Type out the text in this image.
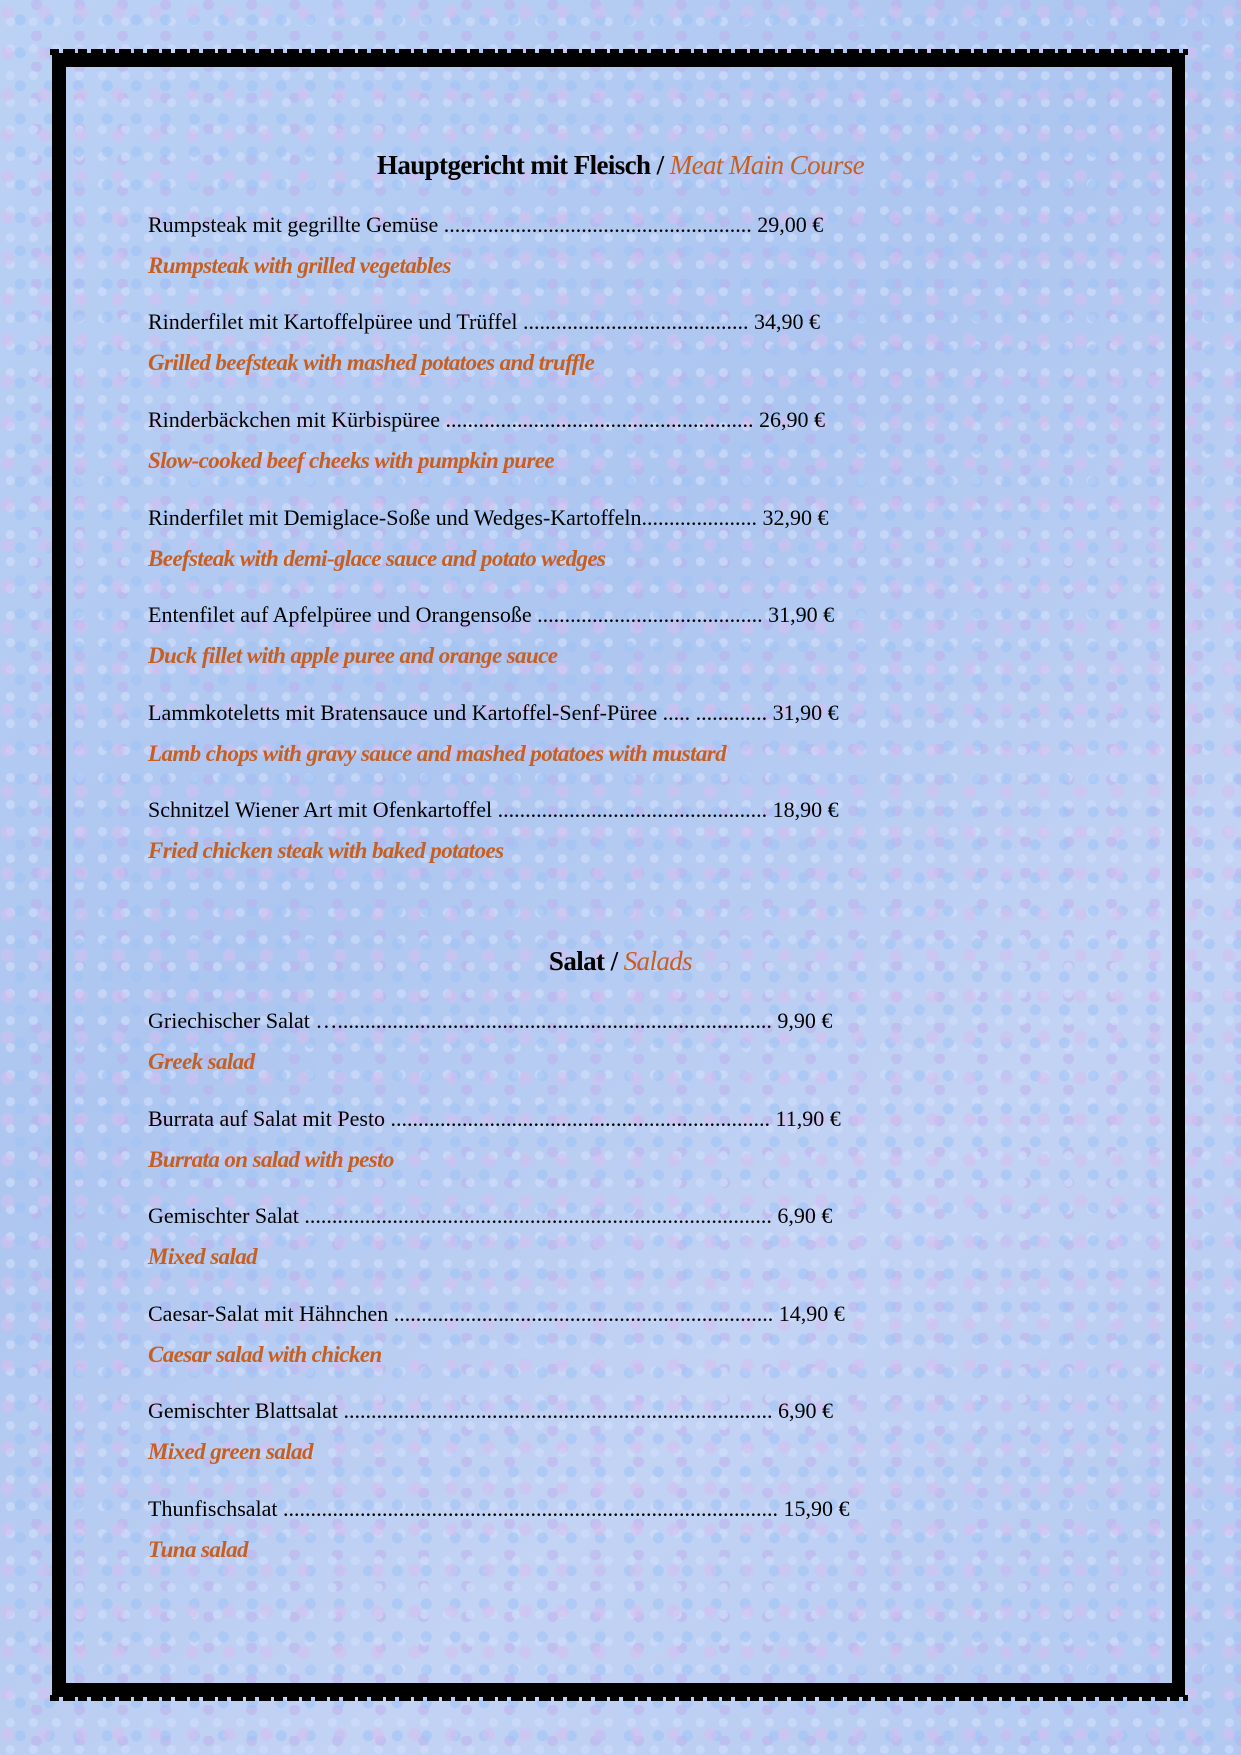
Hauptgericht mit Fleisch / Meat Main Course
Rumpsteak mit gegrillte Gemüse ........................................................ 29,00 €
Rumpsteak with grilled vegetables
Rinderfilet mit Kartoffelpüree und Trüffel ......................................... 34,90 €
Grilled beefsteak with mashed potatoes and truffle
Rinderbäckchen mit Kürbispüree ........................................................ 26,90 €
Slow-cooked beef cheeks with pumpkin puree
Rinderfilet mit Demiglace-Soße und Wedges-Kartoffeln..................... 32,90 €
Beefsteak with demi-glace sauce and potato wedges
Entenfilet auf Apfelpüree und Orangensoße ......................................... 31,90 €
Duck fillet with apple puree and orange sauce
Lammkoteletts mit Bratensauce und Kartoffel-Senf-Püree ..... ............. 31,90 €
Lamb chops with gravy sauce and mashed potatoes with mustard
Schnitzel Wiener Art mit Ofenkartoffel ................................................. 18,90 €
Fried chicken steak with baked potatoes
Salat / Salads
Griechischer Salat …............................................................................... 9,90 €
Greek salad
Burrata auf Salat mit Pesto ..................................................................... 11,90 €
Burrata on salad with pesto
Gemischter Salat ..................................................................................... 6,90 €
Mixed salad
Caesar-Salat mit Hähnchen ..................................................................... 14,90 €
Caesar salad with chicken
Gemischter Blattsalat .............................................................................. 6,90 €
Mixed green salad
Thunfischsalat .......................................................................................... 15,90 €
Tuna salad
